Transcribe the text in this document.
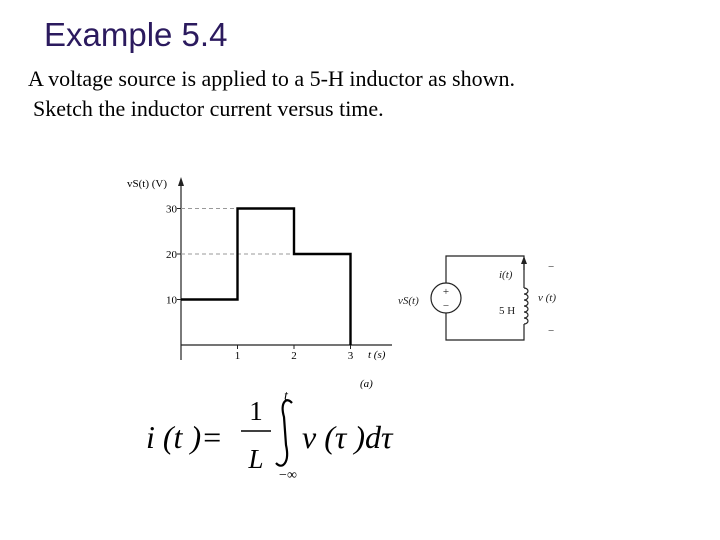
Example 5.4
A voltage source is applied to a 5-H inductor as shown.
Sketch the inductor current versus time.
10
20
30
1	2	3
vS(t) (V)
t (s)
(a)
+
−
vS(t)
i(t)
5 H
v (t)
−
−
i (t )=
1
L
t
−∞
v (τ )dτ
